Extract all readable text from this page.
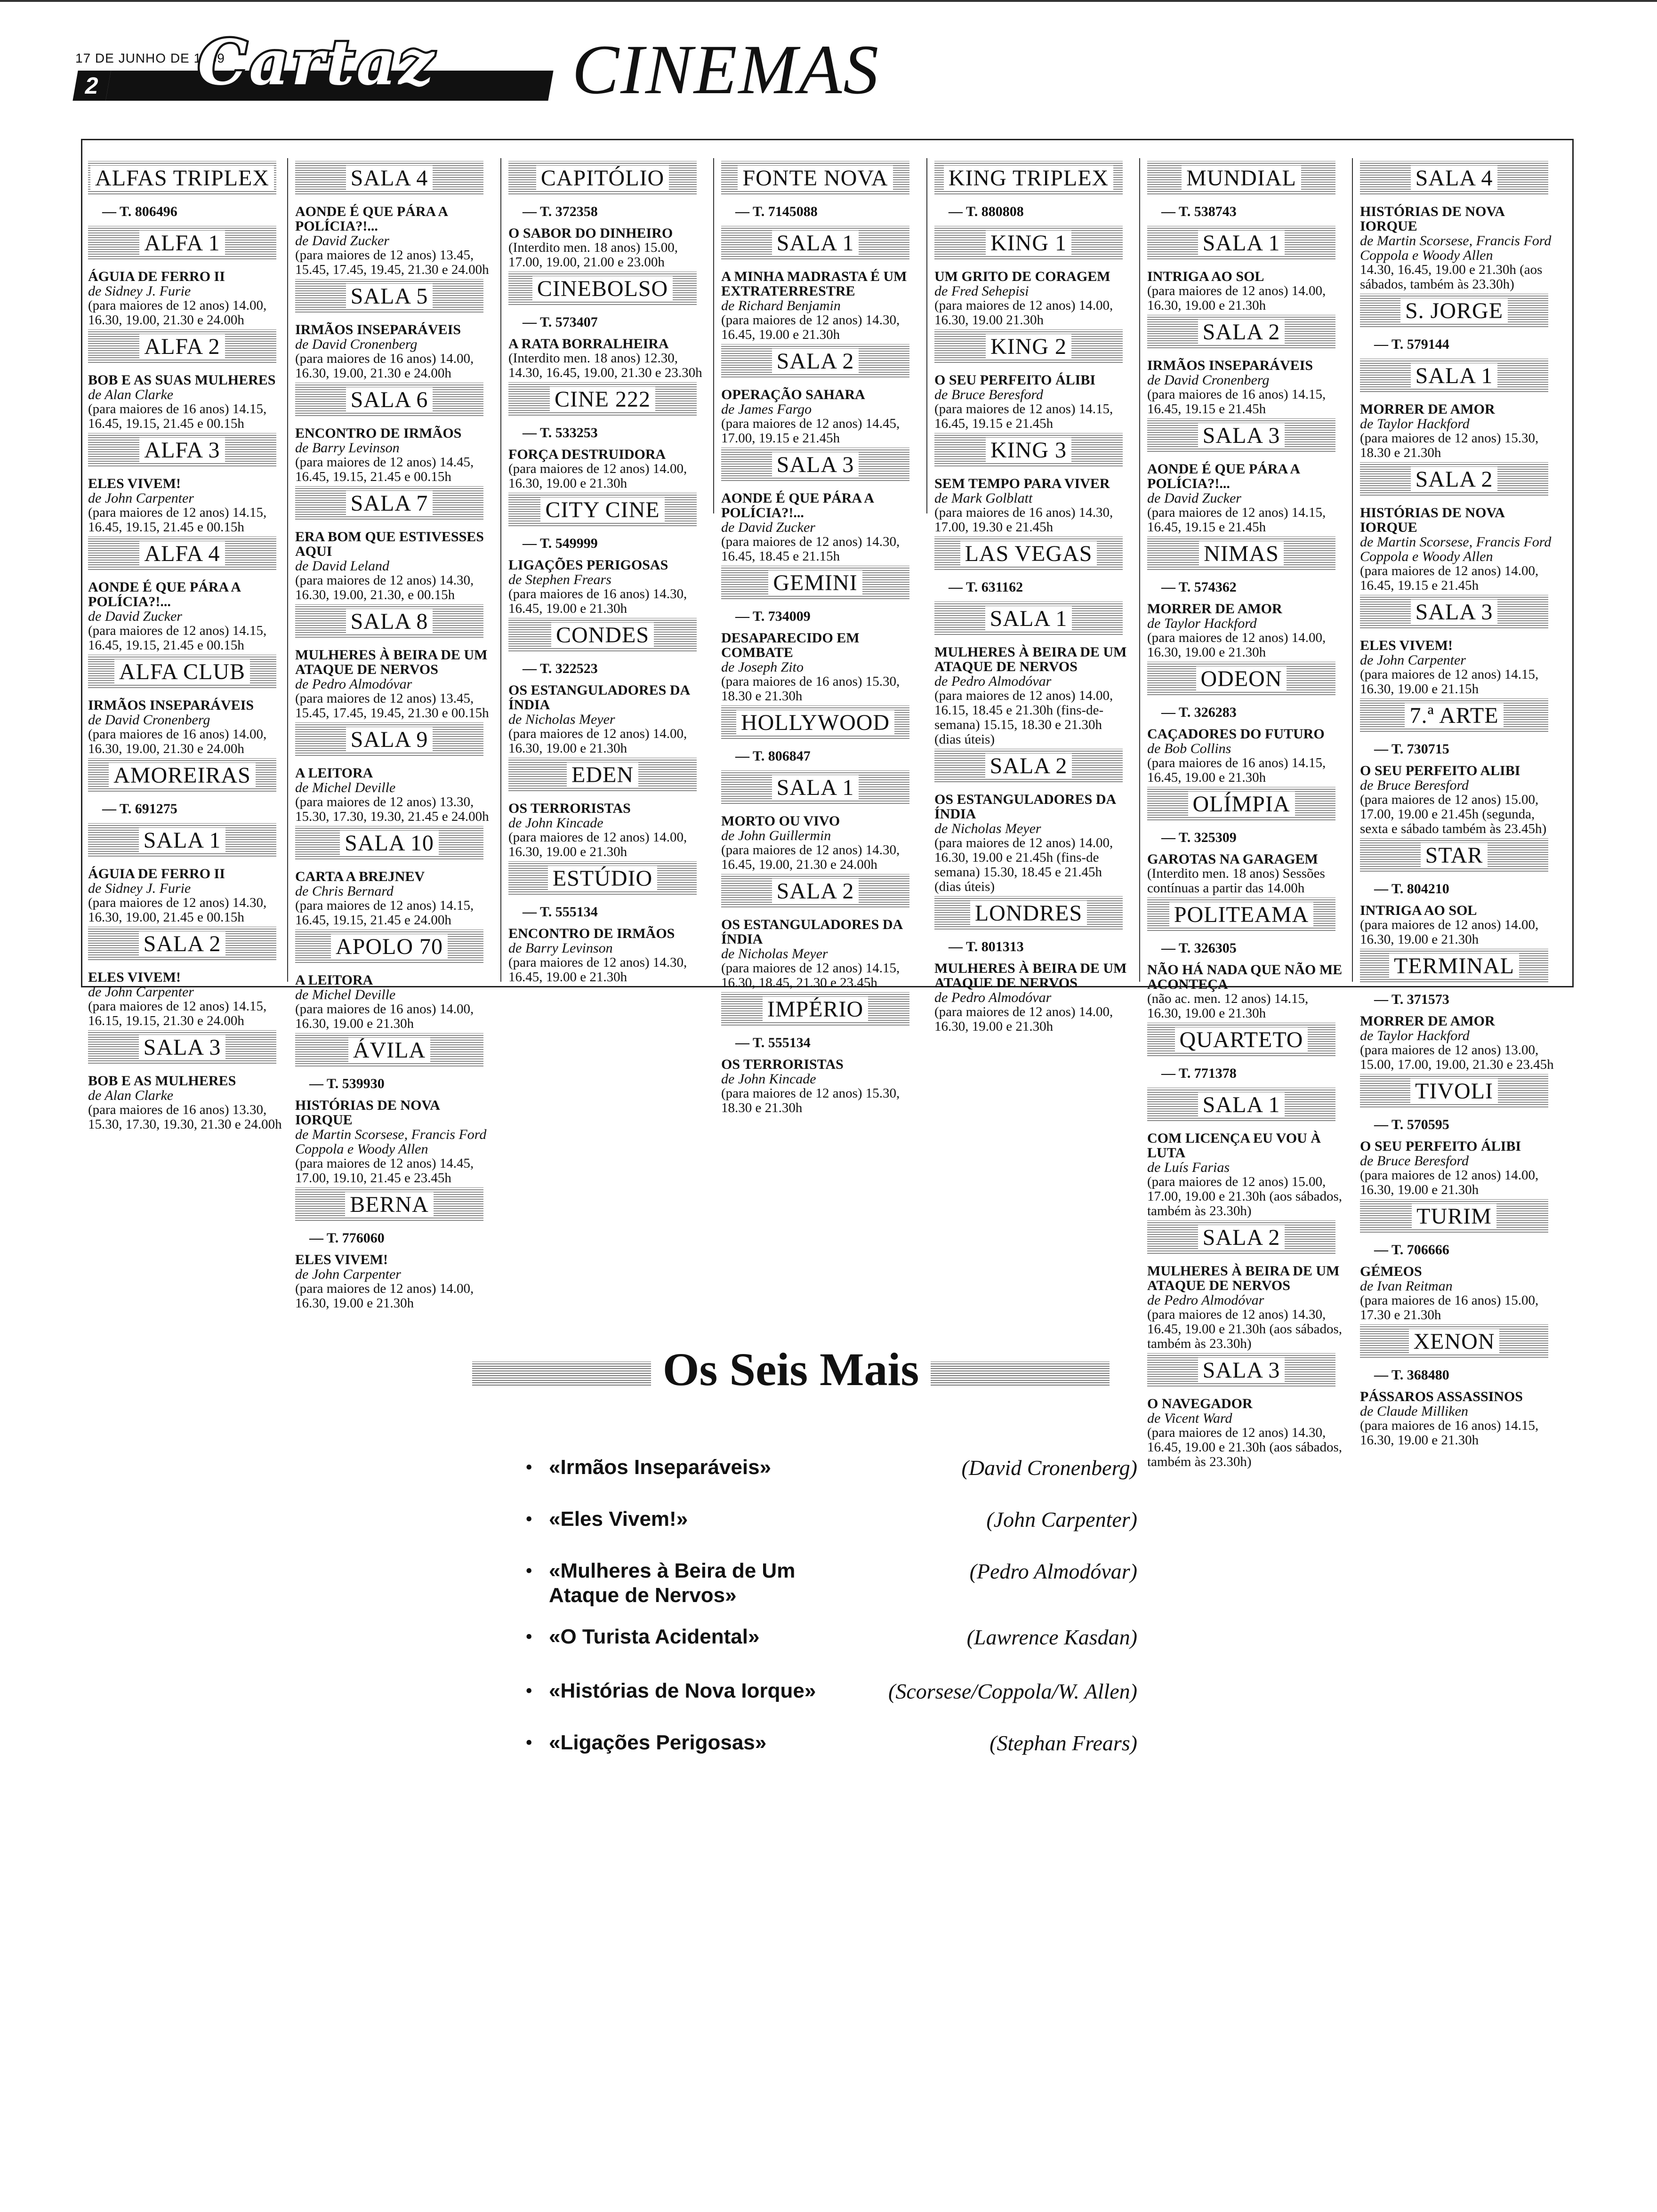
17 DE JUNHO DE 1989
2 Cartaz CINEMAS
ALFAS TRIPLEX
— T. 806496
ALFA 1
ÁGUIA DE FERRO II
de Sidney J. Furie
(para maiores de 12 anos) 14.00, 16.30, 19.00, 21.30 e 24.00h
ALFA 2
BOB E AS SUAS MULHERES
de Alan Clarke
(para maiores de 16 anos) 14.15, 16.45, 19.15, 21.45 e 00.15h
ALFA 3
ELES VIVEM!
de John Carpenter
(para maiores de 12 anos) 14.15, 16.45, 19.15, 21.45 e 00.15h
ALFA 4
AONDE É QUE PÁRA A POLÍCIA?!...
de David Zucker
(para maiores de 12 anos) 14.15, 16.45, 19.15, 21.45 e 00.15h
ALFA CLUB
IRMÃOS INSEPARÁVEIS
de David Cronenberg
(para maiores de 16 anos) 14.00, 16.30, 19.00, 21.30 e 24.00h
AMOREIRAS
— T. 691275
SALA 1
ÁGUIA DE FERRO II
de Sidney J. Furie
(para maiores de 12 anos) 14.30, 16.30, 19.00, 21.45 e 00.15h
SALA 2
ELES VIVEM!
de John Carpenter
(para maiores de 12 anos) 14.15, 16.15, 19.15, 21.30 e 24.00h
SALA 3
BOB E AS MULHERES
de Alan Clarke
(para maiores de 16 anos) 13.30, 15.30, 17.30, 19.30, 21.30 e 24.00h
SALA 4
AONDE É QUE PÁRA A POLÍCIA?!...
de David Zucker
(para maiores de 12 anos) 13.45, 15.45, 17.45, 19.45, 21.30 e 24.00h
SALA 5
IRMÃOS INSEPARÁVEIS
de David Cronenberg
(para maiores de 16 anos) 14.00, 16.30, 19.00, 21.30 e 24.00h
SALA 6
ENCONTRO DE IRMÃOS
de Barry Levinson
(para maiores de 12 anos) 14.45, 16.45, 19.15, 21.45 e 00.15h
SALA 7
ERA BOM QUE ESTIVESSES AQUI
de David Leland
(para maiores de 12 anos) 14.30, 16.30, 19.00, 21.30, e 00.15h
SALA 8
MULHERES À BEIRA DE UM ATAQUE DE NERVOS
de Pedro Almodóvar
(para maiores de 12 anos) 13.45, 15.45, 17.45, 19.45, 21.30 e 00.15h
SALA 9
A LEITORA
de Michel Deville
(para maiores de 12 anos) 13.30, 15.30, 17.30, 19.30, 21.45 e 24.00h
SALA 10
CARTA A BREJNEV
de Chris Bernard
(para maiores de 12 anos) 14.15, 16.45, 19.15, 21.45 e 24.00h
APOLO 70
A LEITORA
de Michel Deville
(para maiores de 16 anos) 14.00, 16.30, 19.00 e 21.30h
ÁVILA
— T. 539930
HISTÓRIAS DE NOVA IORQUE
de Martin Scorsese, Francis Ford Coppola e Woody Allen
(para maiores de 12 anos) 14.45, 17.00, 19.10, 21.45 e 23.45h
BERNA
— T. 776060
ELES VIVEM!
de John Carpenter
(para maiores de 12 anos) 14.00, 16.30, 19.00 e 21.30h
CAPITÓLIO
— T. 372358
O SABOR DO DINHEIRO
(Interdito men. 18 anos) 15.00, 17.00, 19.00, 21.00 e 23.00h
CINEBOLSO
— T. 573407
A RATA BORRALHEIRA
(Interdito men. 18 anos) 12.30, 14.30, 16.45, 19.00, 21.30 e 23.30h
CINE 222
— T. 533253
FORÇA DESTRUIDORA
(para maiores de 12 anos) 14.00, 16.30, 19.00 e 21.30h
CITY CINE
— T. 549999
LIGAÇÕES PERIGOSAS
de Stephen Frears
(para maiores de 16 anos) 14.30, 16.45, 19.00 e 21.30h
CONDES
— T. 322523
OS ESTANGULADORES DA ÍNDIA
de Nicholas Meyer
(para maiores de 12 anos) 14.00, 16.30, 19.00 e 21.30h
EDEN
OS TERRORISTAS
de John Kincade
(para maiores de 12 anos) 14.00, 16.30, 19.00 e 21.30h
ESTÚDIO
— T. 555134
ENCONTRO DE IRMÃOS
de Barry Levinson
(para maiores de 12 anos) 14.30, 16.45, 19.00 e 21.30h
FONTE NOVA
— T. 7145088
SALA 1
A MINHA MADRASTA É UM EXTRATERRESTRE
de Richard Benjamin
(para maiores de 12 anos) 14.30, 16.45, 19.00 e 21.30h
SALA 2
OPERAÇÃO SAHARA
de James Fargo
(para maiores de 12 anos) 14.45, 17.00, 19.15 e 21.45h
SALA 3
AONDE É QUE PÁRA A POLÍCIA?!...
de David Zucker
(para maiores de 12 anos) 14.30, 16.45, 18.45 e 21.15h
GEMINI
— T. 734009
DESAPARECIDO EM COMBATE
de Joseph Zito
(para maiores de 16 anos) 15.30, 18.30 e 21.30h
HOLLYWOOD
— T. 806847
SALA 1
MORTO OU VIVO
de John Guillermin
(para maiores de 12 anos) 14.30, 16.45, 19.00, 21.30 e 24.00h
SALA 2
OS ESTANGULADORES DA ÍNDIA
de Nicholas Meyer
(para maiores de 12 anos) 14.15, 16.30, 18.45, 21.30 e 23.45h
IMPÉRIO
— T. 555134
OS TERRORISTAS
de John Kincade
(para maiores de 12 anos) 15.30, 18.30 e 21.30h
KING TRIPLEX
— T. 880808
KING 1
UM GRITO DE CORAGEM
de Fred Sehepisi
(para maiores de 12 anos) 14.00, 16.30, 19.00 21.30h
KING 2
O SEU PERFEITO ÁLIBI
de Bruce Beresford
(para maiores de 12 anos) 14.15, 16.45, 19.15 e 21.45h
KING 3
SEM TEMPO PARA VIVER
de Mark Golblatt
(para maiores de 16 anos) 14.30, 17.00, 19.30 e 21.45h
LAS VEGAS
— T. 631162
SALA 1
MULHERES À BEIRA DE UM ATAQUE DE NERVOS
de Pedro Almodóvar
(para maiores de 12 anos) 14.00, 16.15, 18.45 e 21.30h (fins-de-semana) 15.15, 18.30 e 21.30h (dias úteis)
SALA 2
OS ESTANGULADORES DA ÍNDIA
de Nicholas Meyer
(para maiores de 12 anos) 14.00, 16.30, 19.00 e 21.45h (fins-de semana) 15.30, 18.45 e 21.45h (dias úteis)
LONDRES
— T. 801313
MULHERES À BEIRA DE UM ATAQUE DE NERVOS
de Pedro Almodóvar
(para maiores de 12 anos) 14.00, 16.30, 19.00 e 21.30h
MUNDIAL
— T. 538743
SALA 1
INTRIGA AO SOL
(para maiores de 12 anos) 14.00, 16.30, 19.00 e 21.30h
SALA 2
IRMÃOS INSEPARÁVEIS
de David Cronenberg
(para maiores de 16 anos) 14.15, 16.45, 19.15 e 21.45h
SALA 3
AONDE É QUE PÁRA A POLÍCIA?!...
de David Zucker
(para maiores de 12 anos) 14.15, 16.45, 19.15 e 21.45h
NIMAS
— T. 574362
MORRER DE AMOR
de Taylor Hackford
(para maiores de 12 anos) 14.00, 16.30, 19.00 e 21.30h
ODEON
— T. 326283
CAÇADORES DO FUTURO
de Bob Collins
(para maiores de 16 anos) 14.15, 16.45, 19.00 e 21.30h
OLÍMPIA
— T. 325309
GAROTAS NA GARAGEM
(Interdito men. 18 anos) Sessões contínuas a partir das 14.00h
POLITEAMA
— T. 326305
NÃO HÁ NADA QUE NÃO ME ACONTEÇA
(não ac. men. 12 anos) 14.15, 16.30, 19.00 e 21.30h
QUARTETO
— T. 771378
SALA 1
COM LICENÇA EU VOU À LUTA
de Luís Farias
(para maiores de 12 anos) 15.00, 17.00, 19.00 e 21.30h (aos sábados, também às 23.30h)
SALA 2
MULHERES À BEIRA DE UM ATAQUE DE NERVOS
de Pedro Almodóvar
(para maiores de 12 anos) 14.30, 16.45, 19.00 e 21.30h (aos sábados, também às 23.30h)
SALA 3
O NAVEGADOR
de Vicent Ward
(para maiores de 12 anos) 14.30, 16.45, 19.00 e 21.30h (aos sábados, também às 23.30h)
SALA 4
HISTÓRIAS DE NOVA IORQUE
de Martin Scorsese, Francis Ford Coppola e Woody Allen
14.30, 16.45, 19.00 e 21.30h (aos sábados, também às 23.30h)
S. JORGE
— T. 579144
SALA 1
MORRER DE AMOR
de Taylor Hackford
(para maiores de 12 anos) 15.30, 18.30 e 21.30h
SALA 2
HISTÓRIAS DE NOVA IORQUE
de Martin Scorsese, Francis Ford Coppola e Woody Allen
(para maiores de 12 anos) 14.00, 16.45, 19.15 e 21.45h
SALA 3
ELES VIVEM!
de John Carpenter
(para maiores de 12 anos) 14.15, 16.30, 19.00 e 21.15h
7.ª ARTE
— T. 730715
O SEU PERFEITO ALIBI
de Bruce Beresford
(para maiores de 12 anos) 15.00, 17.00, 19.00 e 21.45h (segunda, sexta e sábado também às 23.45h)
STAR
— T. 804210
INTRIGA AO SOL
(para maiores de 12 anos) 14.00, 16.30, 19.00 e 21.30h
TERMINAL
— T. 371573
MORRER DE AMOR
de Taylor Hackford
(para maiores de 12 anos) 13.00, 15.00, 17.00, 19.00, 21.30 e 23.45h
TIVOLI
— T. 570595
O SEU PERFEITO ÁLIBI
de Bruce Beresford
(para maiores de 12 anos) 14.00, 16.30, 19.00 e 21.30h
TURIM
— T. 706666
GÉMEOS
de Ivan Reitman
(para maiores de 16 anos) 15.00, 17.30 e 21.30h
XENON
— T. 368480
PÁSSAROS ASSASSINOS
de Claude Milliken
(para maiores de 16 anos) 14.15, 16.30, 19.00 e 21.30h
Os Seis Mais
• «Irmãos Inseparáveis»	(David Cronenberg)
• «Eles Vivem!»	(John Carpenter)
• «Mulheres à Beira de Um Ataque de Nervos»
(Pedro Almodóvar)
• «O Turista Acidental»	(Lawrence Kasdan)
• «Histórias de Nova Iorque»	(Scorsese/Coppola/W. Allen)
• «Ligações Perigosas»	(Stephan Frears)
